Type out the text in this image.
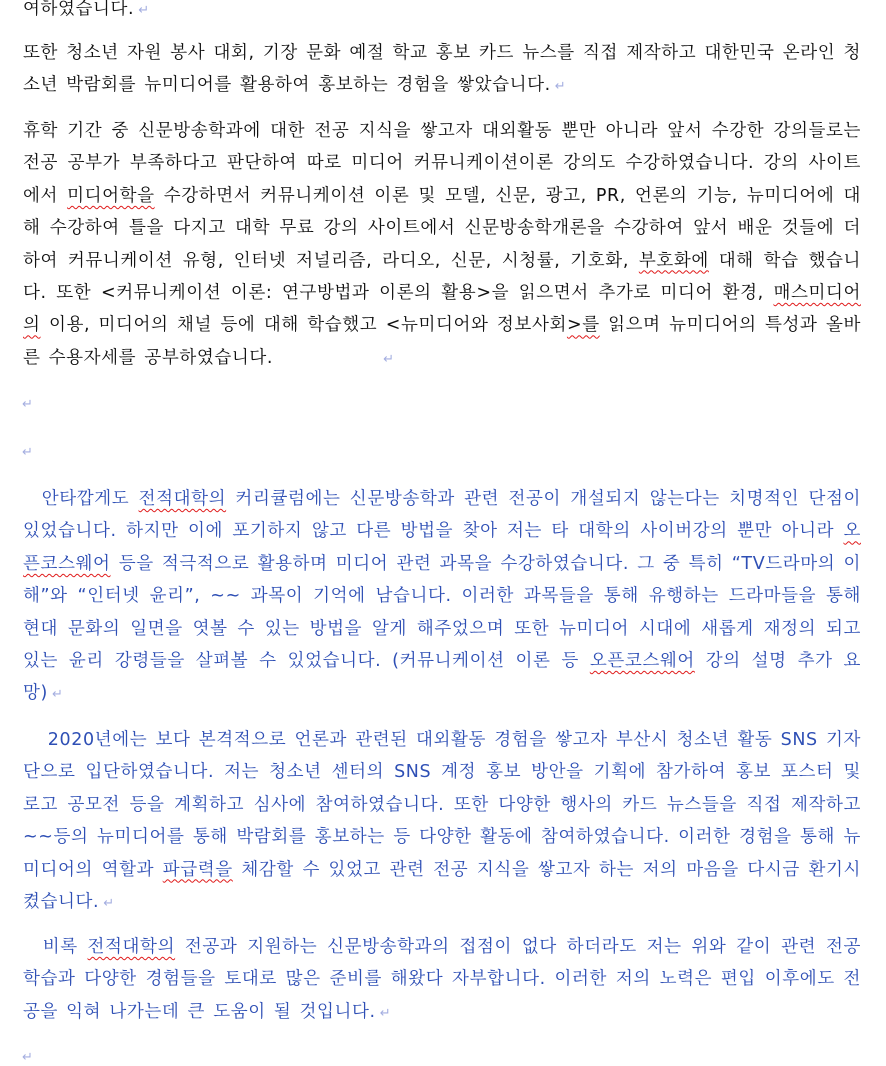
여하였습니다. ↵

또한 청소년 자원 봉사 대회, 기장 문화 예절 학교 홍보 카드 뉴스를 직접 제작하고 대한민국 온라인 청소년 박람회를 뉴미디어를 활용하여 홍보하는 경험을 쌓았습니다. ↵

휴학 기간 중 신문방송학과에 대한 전공 지식을 쌓고자 대외활동 뿐만 아니라 앞서 수강한 강의들로는 전공 공부가 부족하다고 판단하여 따로 미디어 커뮤니케이션이론 강의도 수강하였습니다. 강의 사이트에서 미디어학을 수강하면서 커뮤니케이션 이론 및 모델, 신문, 광고, PR, 언론의 기능, 뉴미디어에 대해 수강하여 틀을 다지고 대학 무료 강의 사이트에서 신문방송학개론을 수강하여 앞서 배운 것들에 더하여 커뮤니케이션 유형, 인터넷 저널리즘, 라디오, 신문, 시청률, 기호화, 부호화에 대해 학습 했습니다. 또한 <커뮤니케이션 이론: 연구방법과 이론의 활용>을 읽으면서 추가로 미디어 환경, 매스미디어의 이용, 미디어의 채널 등에 대해 학습했고 <뉴미디어와 정보사회>를 읽으며 뉴미디어의 특성과 올바른 수용자세를 공부하였습니다.	↵

↵
↵

안타깝게도 전적대학의 커리큘럼에는 신문방송학과 관련 전공이 개설되지 않는다는 치명적인 단점이 있었습니다. 하지만 이에 포기하지 않고 다른 방법을 찾아 저는 타 대학의 사이버강의 뿐만 아니라 오픈코스웨어 등을 적극적으로 활용하며 미디어 관련 과목을 수강하였습니다. 그 중 특히 “TV드라마의 이해”와 “인터넷 윤리”, ~~ 과목이 기억에 남습니다. 이러한 과목들을 통해 유행하는 드라마들을 통해 현대 문화의 일면을 엿볼 수 있는 방법을 알게 해주었으며 또한 뉴미디어 시대에 새롭게 재정의 되고 있는 윤리 강령들을 살펴볼 수 있었습니다. (커뮤니케이션 이론 등 오픈코스웨어 강의 설명 추가 요망) ↵

2020년에는 보다 본격적으로 언론과 관련된 대외활동 경험을 쌓고자 부산시 청소년 활동 SNS 기자단으로 입단하였습니다. 저는 청소년 센터의 SNS 계정 홍보 방안을 기획에 참가하여 홍보 포스터 및 로고 공모전 등을 계획하고 심사에 참여하였습니다. 또한 다양한 행사의 카드 뉴스들을 직접 제작하고 ~~등의 뉴미디어를 통해 박람회를 홍보하는 등 다양한 활동에 참여하였습니다. 이러한 경험을 통해 뉴미디어의 역할과 파급력을 체감할 수 있었고 관련 전공 지식을 쌓고자 하는 저의 마음을 다시금 환기시켰습니다. ↵

비록 전적대학의 전공과 지원하는 신문방송학과의 접점이 없다 하더라도 저는 위와 같이 관련 전공 학습과 다양한 경험들을 토대로 많은 준비를 해왔다 자부합니다. 이러한 저의 노력은 편입 이후에도 전공을 익혀 나가는데 큰 도움이 될 것입니다. ↵

↵
